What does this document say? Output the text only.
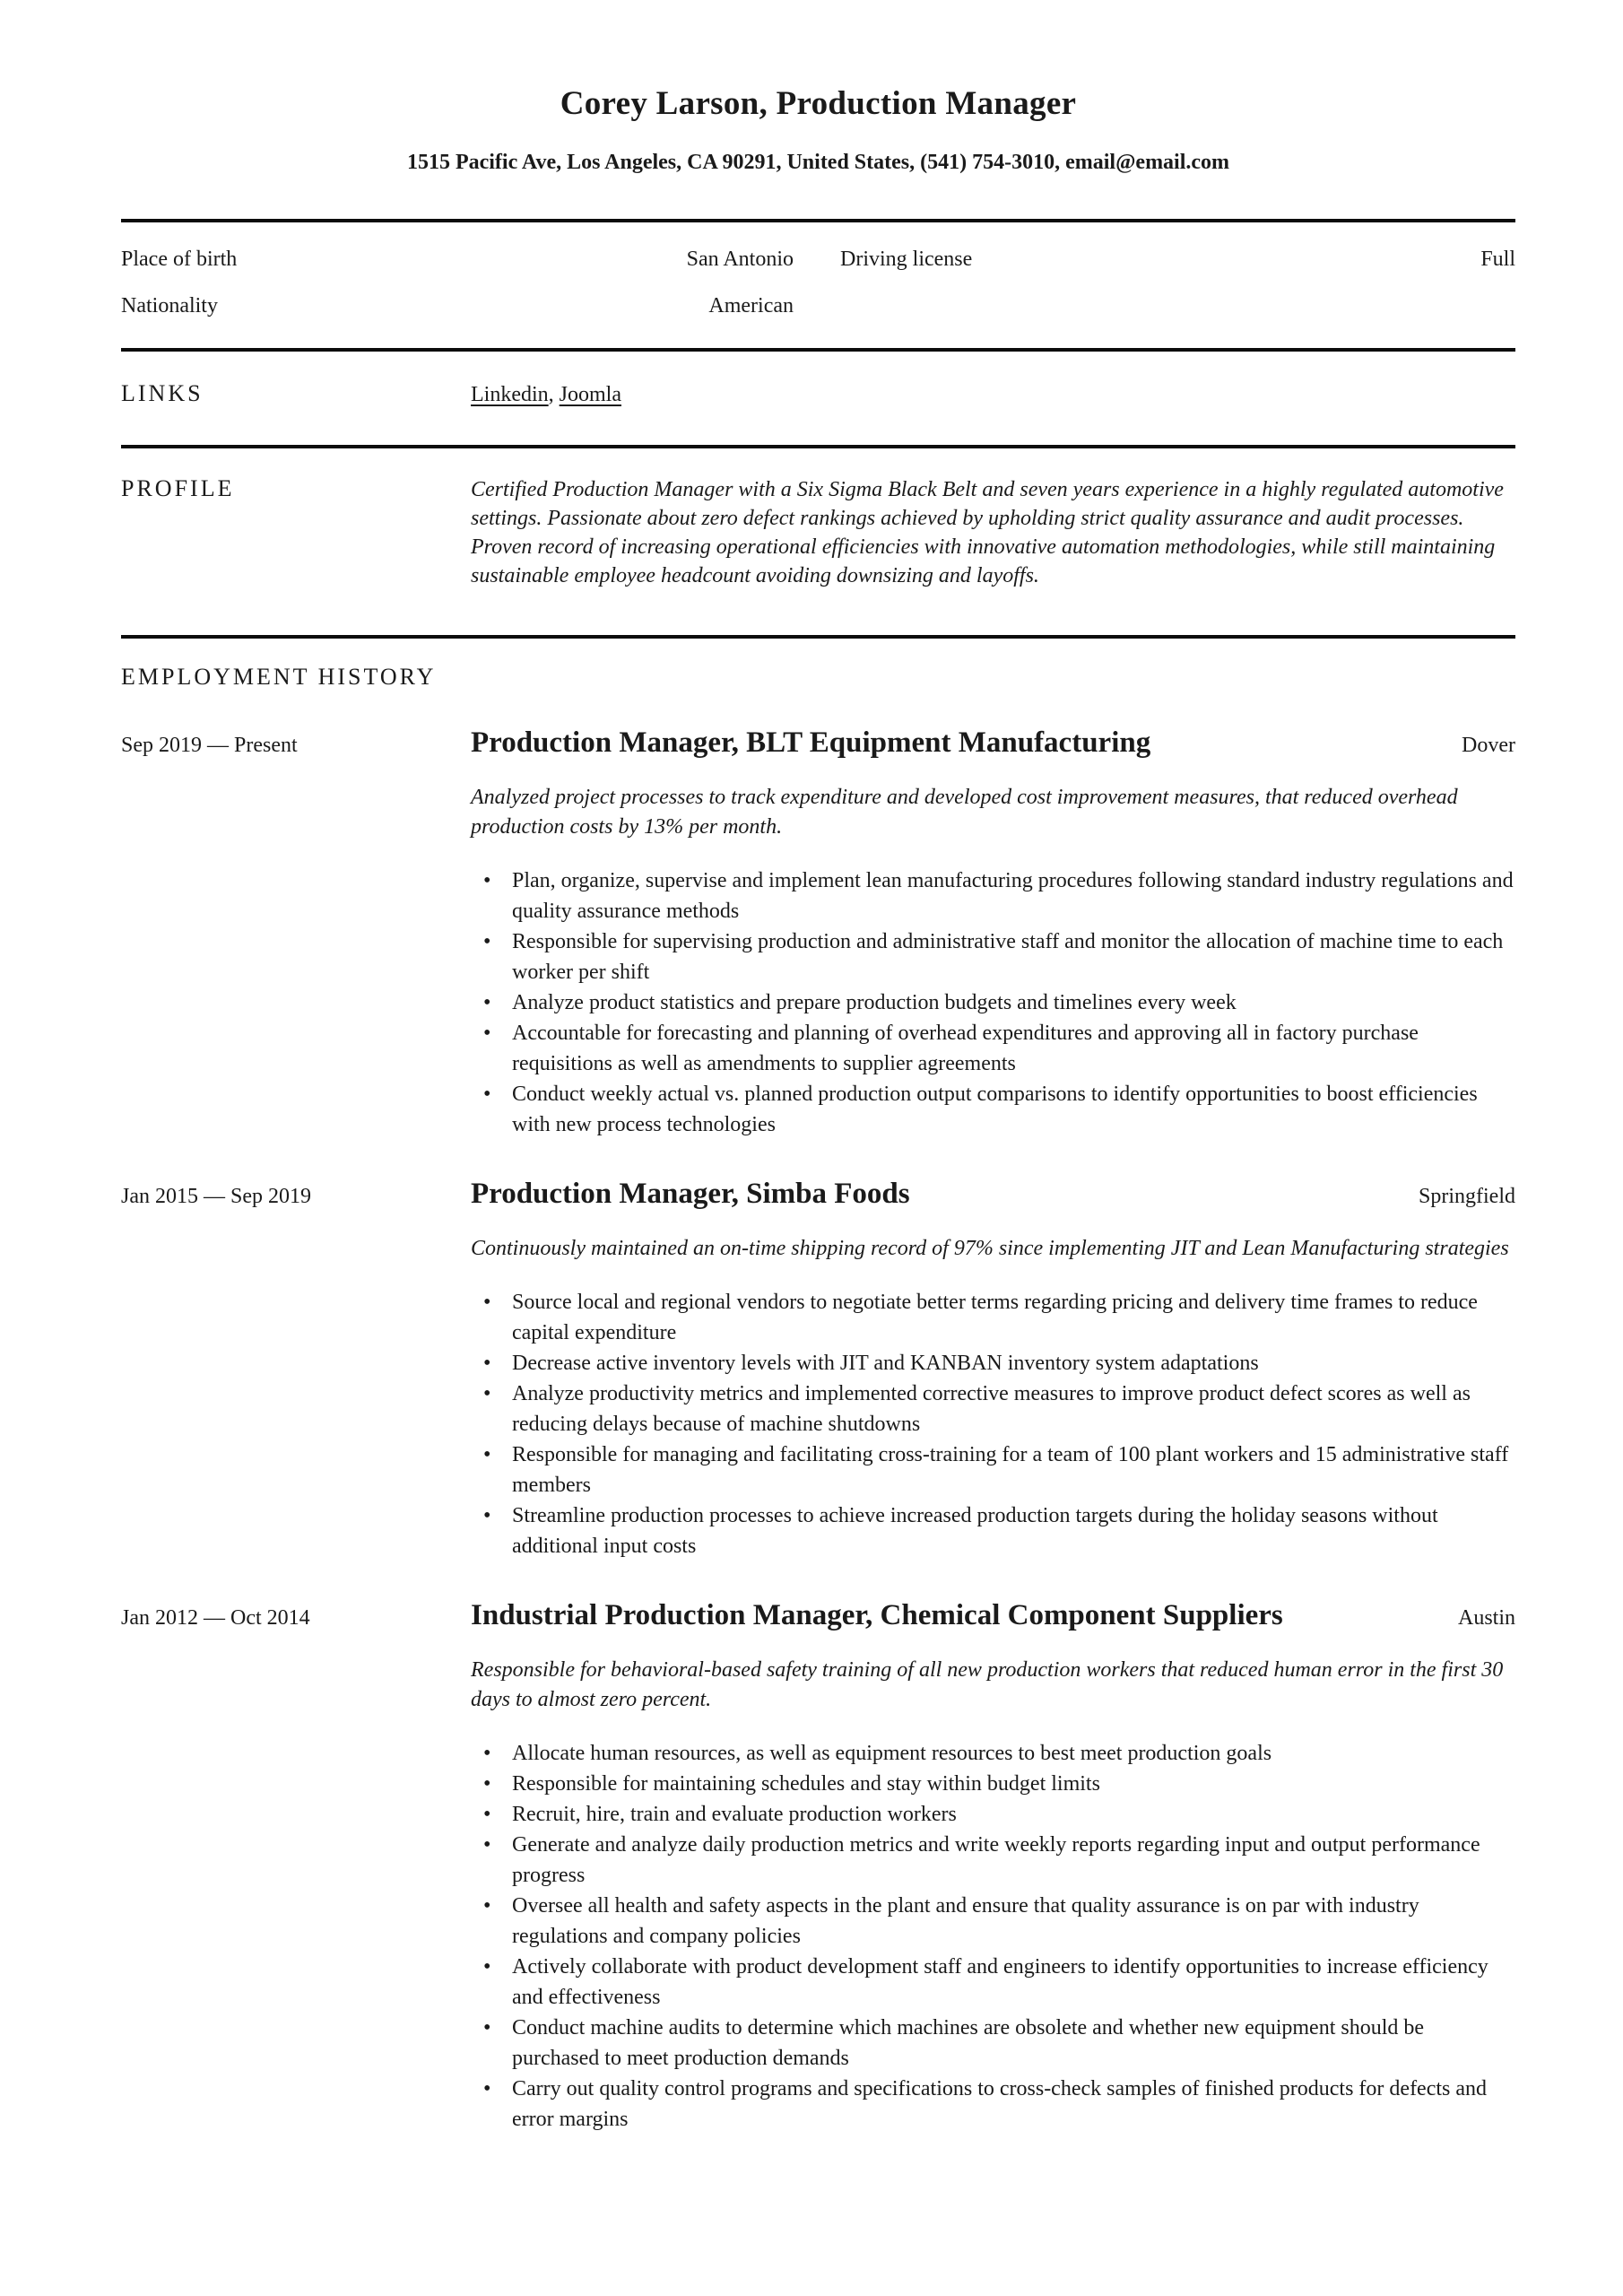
Corey Larson, Production Manager
1515 Pacific Ave, Los Angeles, CA 90291, United States, (541) 754-3010, email@email.com
Place of birth	San Antonio	Driving license	Full
Nationality	American
LINKS	Linkedin, Joomla
PROFILE	Certified Production Manager with a Six Sigma Black Belt and seven years experience in a highly regulated automotive settings. Passionate about zero defect rankings achieved by upholding strict quality assurance and audit processes. Proven record of increasing operational efficiencies with innovative automation methodologies, while still maintaining sustainable employee headcount avoiding downsizing and layoffs.
EMPLOYMENT HISTORY
Sep 2019 — Present	Production Manager, BLT Equipment Manufacturing	Dover
Analyzed project processes to track expenditure and developed cost improvement measures, that reduced overhead production costs by 13% per month.
• Plan, organize, supervise and implement lean manufacturing procedures following standard industry regulations and quality assurance methods
• Responsible for supervising production and administrative staff and monitor the allocation of machine time to each worker per shift
• Analyze product statistics and prepare production budgets and timelines every week
• Accountable for forecasting and planning of overhead expenditures and approving all in factory purchase requisitions as well as amendments to supplier agreements
• Conduct weekly actual vs. planned production output comparisons to identify opportunities to boost efficiencies with new process technologies
Jan 2015 — Sep 2019	Production Manager, Simba Foods	Springfield
Continuously maintained an on-time shipping record of 97% since implementing JIT and Lean Manufacturing strategies
• Source local and regional vendors to negotiate better terms regarding pricing and delivery time frames to reduce capital expenditure
• Decrease active inventory levels with JIT and KANBAN inventory system adaptations
• Analyze productivity metrics and implemented corrective measures to improve product defect scores as well as reducing delays because of machine shutdowns
• Responsible for managing and facilitating cross-training for a team of 100 plant workers and 15 administrative staff members
• Streamline production processes to achieve increased production targets during the holiday seasons without additional input costs
Jan 2012 — Oct 2014	Industrial Production Manager, Chemical Component Suppliers	Austin
Responsible for behavioral-based safety training of all new production workers that reduced human error in the first 30 days to almost zero percent.
• Allocate human resources, as well as equipment resources to best meet production goals
• Responsible for maintaining schedules and stay within budget limits
• Recruit, hire, train and evaluate production workers
• Generate and analyze daily production metrics and write weekly reports regarding input and output performance progress
• Oversee all health and safety aspects in the plant and ensure that quality assurance is on par with industry regulations and company policies
• Actively collaborate with product development staff and engineers to identify opportunities to increase efficiency and effectiveness
• Conduct machine audits to determine which machines are obsolete and whether new equipment should be purchased to meet production demands
• Carry out quality control programs and specifications to cross-check samples of finished products for defects and error margins
